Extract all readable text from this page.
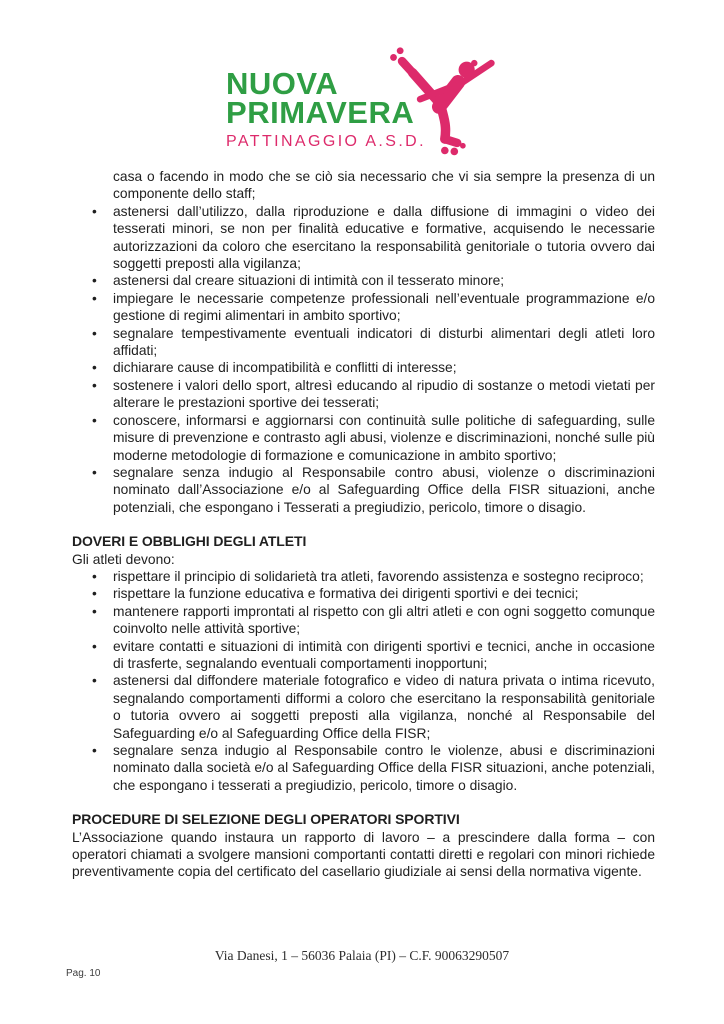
NUOVA
PRIMAVERA
PATTINAGGIO A.S.D.

casa o facendo in modo che se ciò sia necessario che vi sia sempre la presenza di un componente dello staff;

•	astenersi dall’utilizzo, dalla riproduzione e dalla diffusione di immagini o video dei tesserati minori, se non per finalità educative e formative, acquisendo le necessarie autorizzazioni da coloro che esercitano la responsabilità genitoriale o tutoria ovvero dai soggetti preposti alla vigilanza;
•	astenersi dal creare situazioni di intimità con il tesserato minore;
•	impiegare le necessarie competenze professionali nell’eventuale programmazione e/o gestione di regimi alimentari in ambito sportivo;
•	segnalare tempestivamente eventuali indicatori di disturbi alimentari degli atleti loro affidati;
•	dichiarare cause di incompatibilità e conflitti di interesse;
•	sostenere i valori dello sport, altresì educando al ripudio di sostanze o metodi vietati per alterare le prestazioni sportive dei tesserati;
•	conoscere, informarsi e aggiornarsi con continuità sulle politiche di safeguarding, sulle misure di prevenzione e contrasto agli abusi, violenze e discriminazioni, nonché sulle più moderne metodologie di formazione e comunicazione in ambito sportivo;
•	segnalare senza indugio al Responsabile contro abusi, violenze o discriminazioni nominato dall’Associazione e/o al Safeguarding Office della FISR situazioni, anche potenziali, che espongano i Tesserati a pregiudizio, pericolo, timore o disagio.
DOVERI E OBBLIGHI DEGLI ATLETI

Gli atleti devono:

•	rispettare il principio di solidarietà tra atleti, favorendo assistenza e sostegno reciproco;
•	rispettare la funzione educativa e formativa dei dirigenti sportivi e dei tecnici;
•	mantenere rapporti improntati al rispetto con gli altri atleti e con ogni soggetto comunque coinvolto nelle attività sportive;
•	evitare contatti e situazioni di intimità con dirigenti sportivi e tecnici, anche in occasione di trasferte, segnalando eventuali comportamenti inopportuni;
•	astenersi dal diffondere materiale fotografico e video di natura privata o intima ricevuto, segnalando comportamenti difformi a coloro che esercitano la responsabilità genitoriale o tutoria ovvero ai soggetti preposti alla vigilanza, nonché al Responsabile del Safeguarding e/o al Safeguarding Office della FISR;
•	segnalare senza indugio al Responsabile contro le violenze, abusi e discriminazioni nominato dalla società e/o al Safeguarding Office della FISR situazioni, anche potenziali, che espongano i tesserati a pregiudizio, pericolo, timore o disagio.
PROCEDURE DI SELEZIONE DEGLI OPERATORI SPORTIVI

L’Associazione quando instaura un rapporto di lavoro – a prescindere dalla forma – con operatori chiamati a svolgere mansioni comportanti contatti diretti e regolari con minori richiede preventivamente copia del certificato del casellario giudiziale ai sensi della normativa vigente.

Via Danesi, 1 – 56036 Palaia (PI) – C.F. 90063290507
Pag. 10
